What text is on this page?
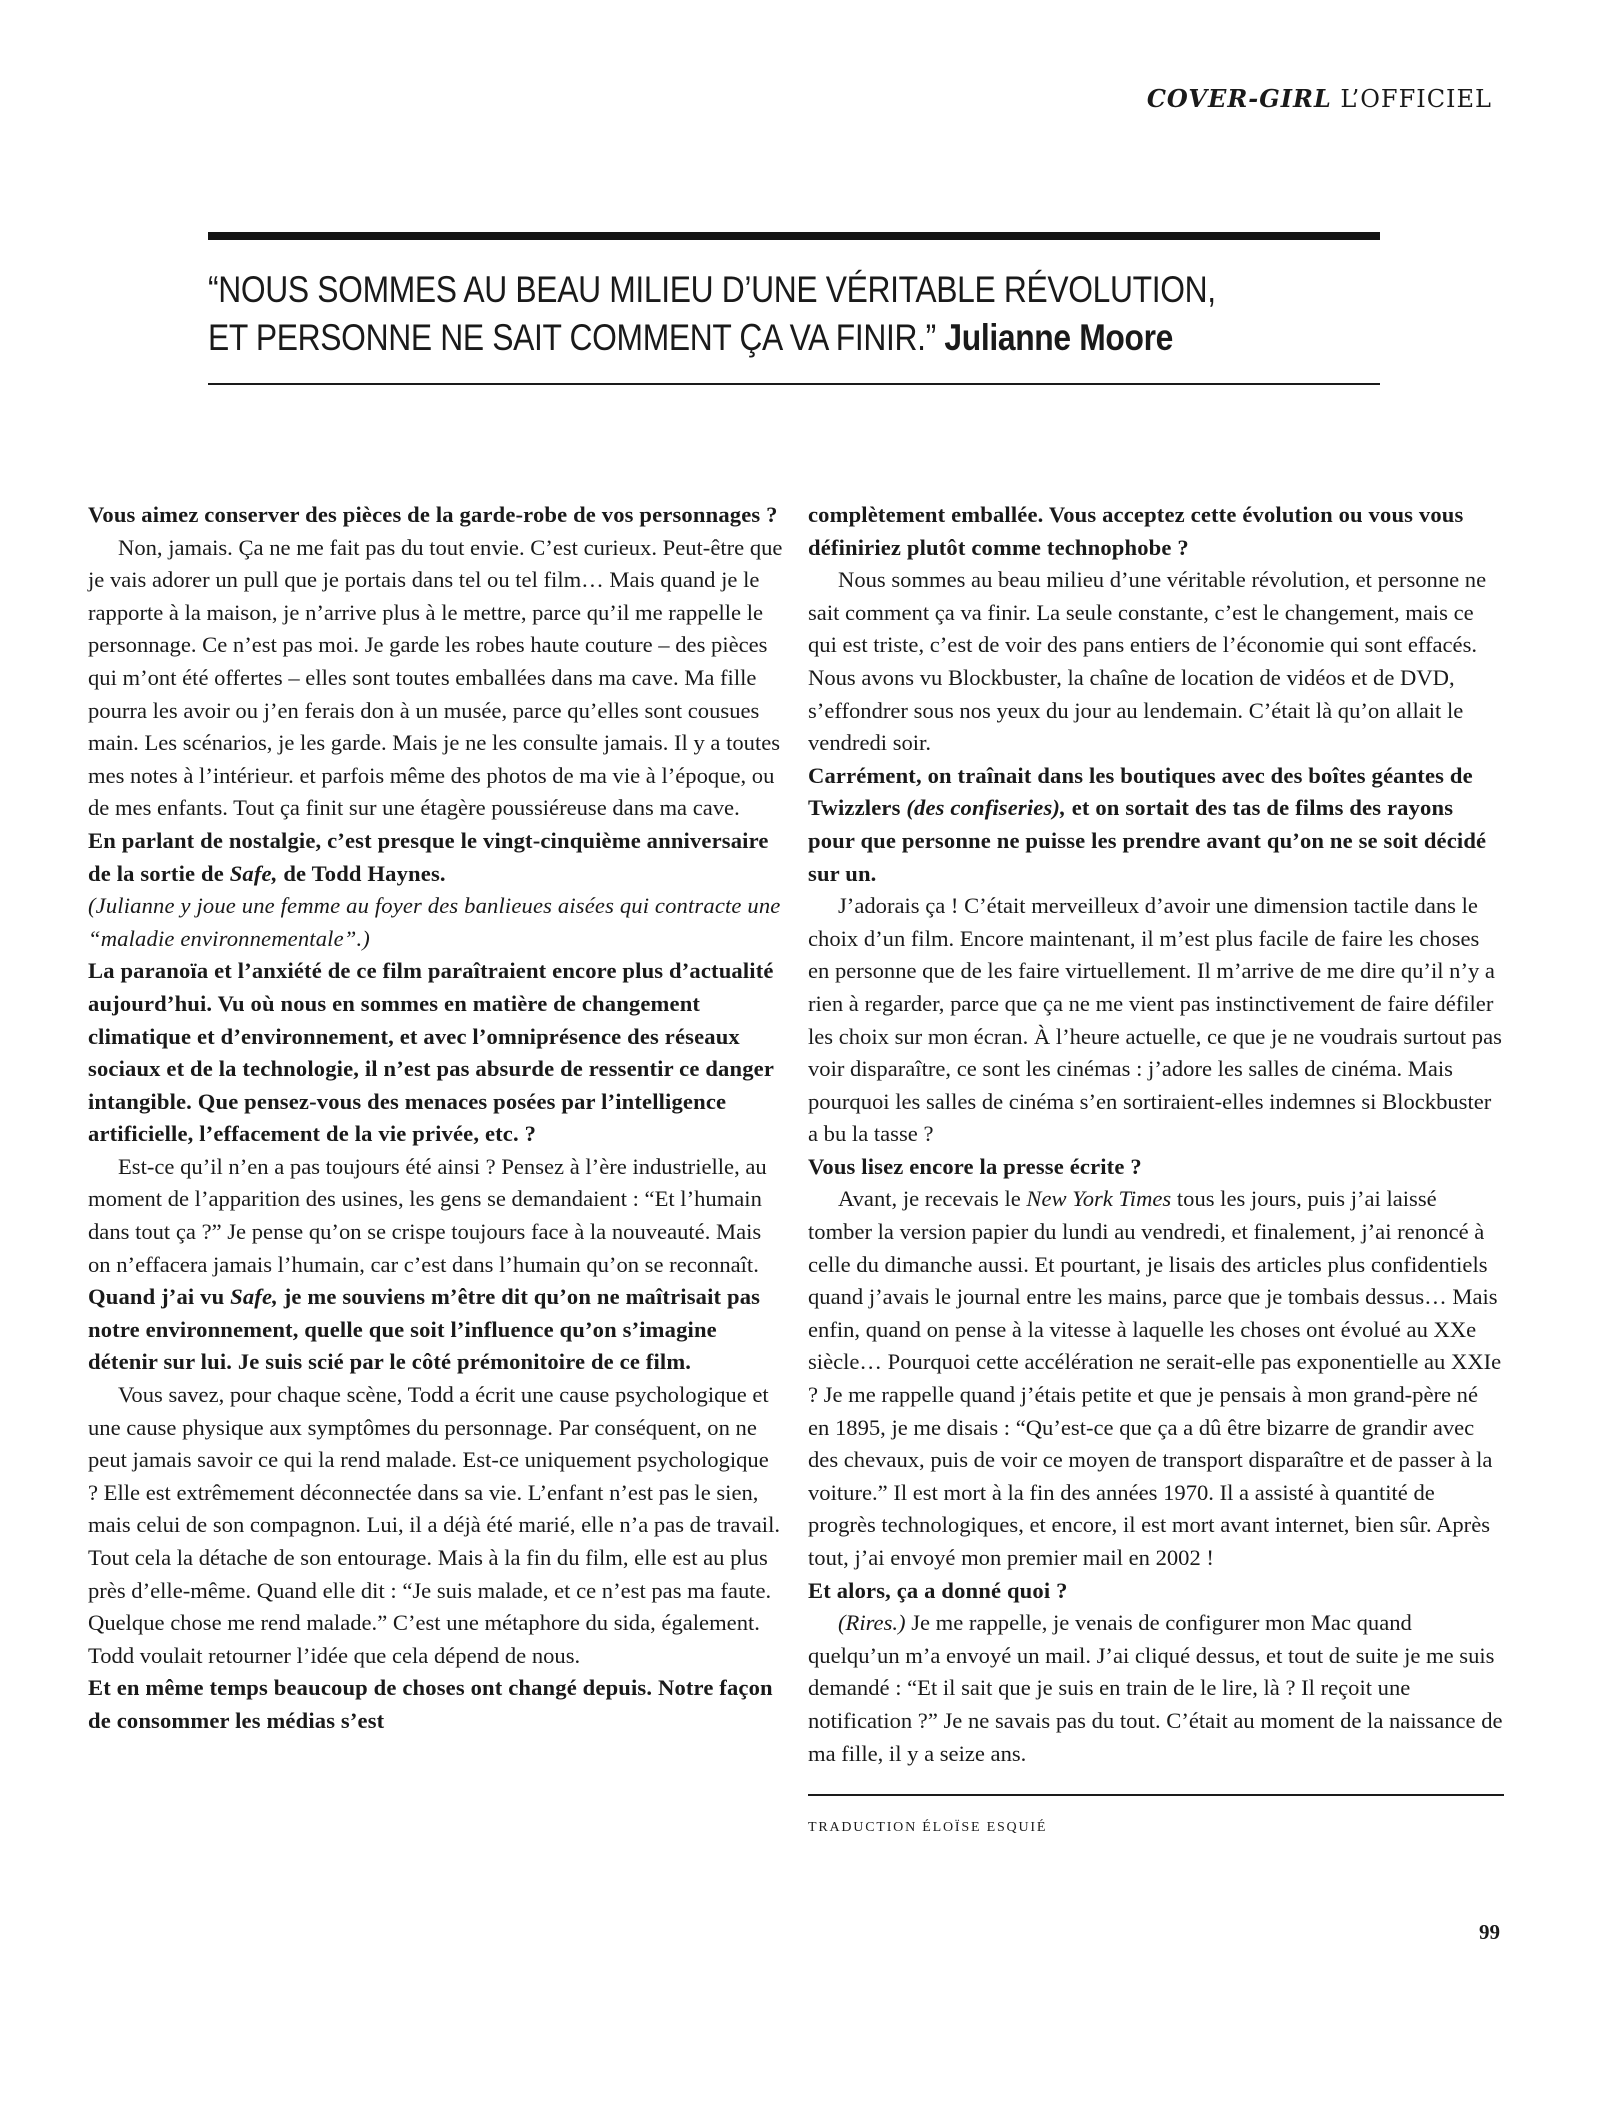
COVER-GIRL L’OFFICIEL
“NOUS SOMMES AU BEAU MILIEU D’UNE VÉRITABLE RÉVOLUTION,
ET PERSONNE NE SAIT COMMENT ÇA VA FINIR.” Julianne Moore

Vous aimez conserver des pièces de la garde-robe de vos personnages ?

Non, jamais. Ça ne me fait pas du tout envie. C’est curieux. Peut-être que je vais adorer un pull que je portais dans tel ou tel film… Mais quand je le rapporte à la maison, je n’arrive plus à le mettre, parce qu’il me rappelle le personnage. Ce n’est pas moi. Je garde les robes haute couture – des pièces qui m’ont été offertes – elles sont toutes emballées dans ma cave. Ma fille pourra les avoir ou j’en ferais don à un musée, parce qu’elles sont cousues main. Les scénarios, je les garde. Mais je ne les consulte jamais. Il y a toutes mes notes à l’intérieur. et parfois même des photos de ma vie à l’époque, ou de mes enfants. Tout ça finit sur une étagère poussiéreuse dans ma cave.

En parlant de nostalgie, c’est presque le vingt-cinquième anniversaire de la sortie de Safe, de Todd Haynes.

(Julianne y joue une femme au foyer des banlieues aisées qui contracte une “maladie environnementale”.)

La paranoïa et l’anxiété de ce film paraîtraient encore plus d’actualité aujourd’hui. Vu où nous en sommes en matière de changement climatique et d’environnement, et avec l’omniprésence des réseaux sociaux et de la technologie, il n’est pas absurde de ressentir ce danger intangible. Que pensez-vous des menaces posées par l’intelligence artificielle, l’effacement de la vie privée, etc. ?

Est-ce qu’il n’en a pas toujours été ainsi ? Pensez à l’ère industrielle, au moment de l’apparition des usines, les gens se demandaient : “Et l’humain dans tout ça ?” Je pense qu’on se crispe toujours face à la nouveauté. Mais on n’effacera jamais l’humain, car c’est dans l’humain qu’on se reconnaît.

Quand j’ai vu Safe, je me souviens m’être dit qu’on ne maîtrisait pas notre environnement, quelle que soit l’influence qu’on s’imagine détenir sur lui. Je suis scié par le côté prémonitoire de ce film.

Vous savez, pour chaque scène, Todd a écrit une cause psychologique et une cause physique aux symptômes du personnage. Par conséquent, on ne peut jamais savoir ce qui la rend malade. Est-ce uniquement psychologique ? Elle est extrêmement déconnectée dans sa vie. L’enfant n’est pas le sien, mais celui de son compagnon. Lui, il a déjà été marié, elle n’a pas de travail. Tout cela la détache de son entourage. Mais à la fin du film, elle est au plus près d’elle-même. Quand elle dit : “Je suis malade, et ce n’est pas ma faute. Quelque chose me rend malade.” C’est une métaphore du sida, également. Todd voulait retourner l’idée que cela dépend de nous.

Et en même temps beaucoup de choses ont changé depuis. Notre façon de consommer les médias s’est

complètement emballée. Vous acceptez cette évolution ou vous vous définiriez plutôt comme technophobe ?

Nous sommes au beau milieu d’une véritable révolution, et personne ne sait comment ça va finir. La seule constante, c’est le changement, mais ce qui est triste, c’est de voir des pans entiers de l’économie qui sont effacés. Nous avons vu Blockbuster, la chaîne de location de vidéos et de DVD, s’effondrer sous nos yeux du jour au lendemain. C’était là qu’on allait le vendredi soir.

Carrément, on traînait dans les boutiques avec des boîtes géantes de Twizzlers (des confiseries), et on sortait des tas de films des rayons pour que personne ne puisse les prendre avant qu’on ne se soit décidé sur un.

J’adorais ça ! C’était merveilleux d’avoir une dimension tactile dans le choix d’un film. Encore maintenant, il m’est plus facile de faire les choses en personne que de les faire virtuellement. Il m’arrive de me dire qu’il n’y a rien à regarder, parce que ça ne me vient pas instinctivement de faire défiler les choix sur mon écran. À l’heure actuelle, ce que je ne voudrais surtout pas voir disparaître, ce sont les cinémas : j’adore les salles de cinéma. Mais pourquoi les salles de cinéma s’en sortiraient-elles indemnes si Blockbuster a bu la tasse ?

Vous lisez encore la presse écrite ?

Avant, je recevais le New York Times tous les jours, puis j’ai laissé tomber la version papier du lundi au vendredi, et finalement, j’ai renoncé à celle du dimanche aussi. Et pourtant, je lisais des articles plus confidentiels quand j’avais le journal entre les mains, parce que je tombais dessus… Mais enfin, quand on pense à la vitesse à laquelle les choses ont évolué au XXe siècle… Pourquoi cette accélération ne serait-elle pas exponentielle au XXIe ? Je me rappelle quand j’étais petite et que je pensais à mon grand-père né en 1895, je me disais : “Qu’est-ce que ça a dû être bizarre de grandir avec des chevaux, puis de voir ce moyen de transport disparaître et de passer à la voiture.” Il est mort à la fin des années 1970. Il a assisté à quantité de progrès technologiques, et encore, il est mort avant internet, bien sûr. Après tout, j’ai envoyé mon premier mail en 2002 !

Et alors, ça a donné quoi ?

(Rires.) Je me rappelle, je venais de configurer mon Mac quand quelqu’un m’a envoyé un mail. J’ai cliqué dessus, et tout de suite je me suis demandé : “Et il sait que je suis en train de le lire, là ? Il reçoit une notification ?” Je ne savais pas du tout. C’était au moment de la naissance de ma fille, il y a seize ans.

TRADUCTION ÉLOÏSE ESQUIÉ

99
